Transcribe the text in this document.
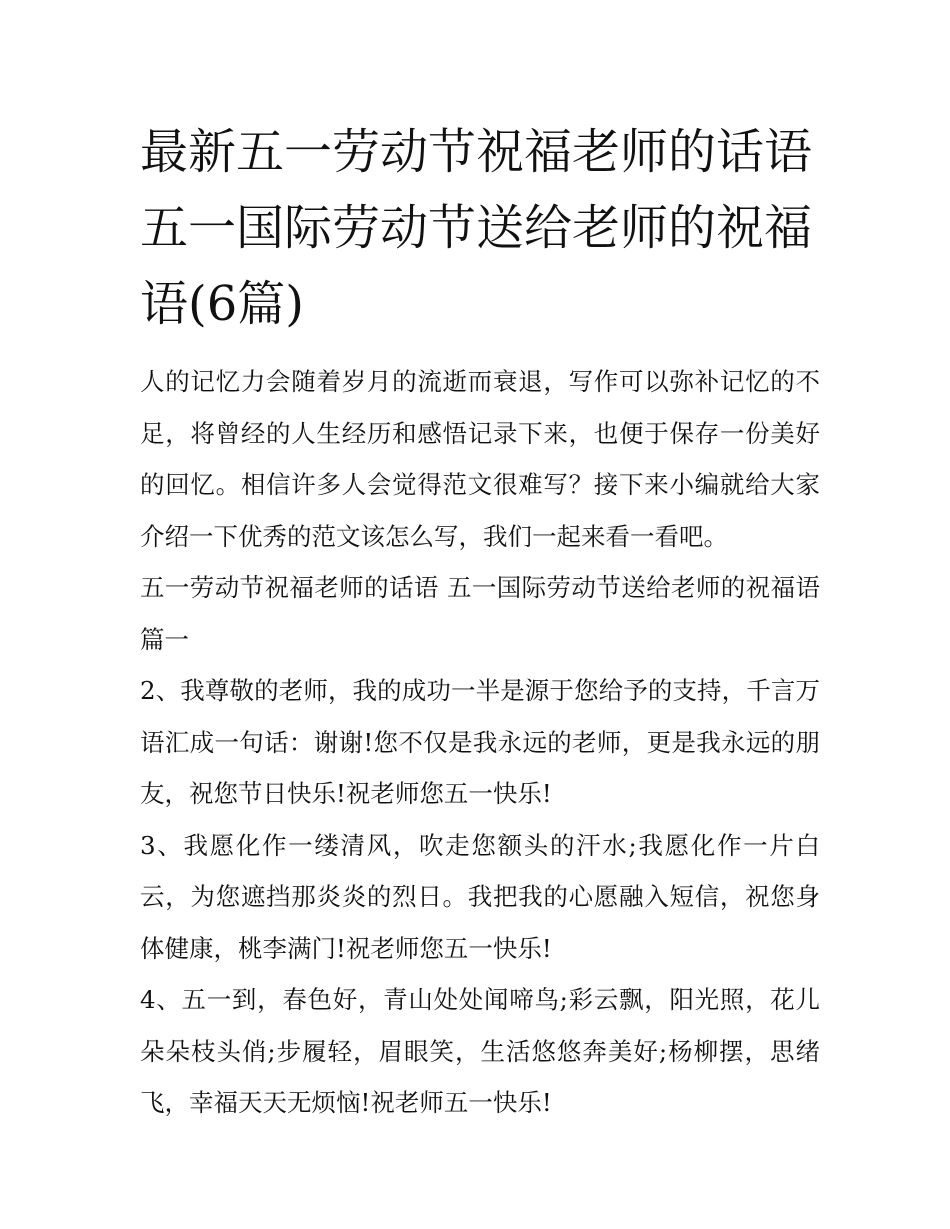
最新五一劳动节祝福老师的话语 五一国际劳动节送给老师的祝福语(6篇)

人的记忆力会随着岁月的流逝而衰退，写作可以弥补记忆的不足，将曾经的人生经历和感悟记录下来，也便于保存一份美好的回忆。相信许多人会觉得范文很难写？接下来小编就给大家介绍一下优秀的范文该怎么写，我们一起来看一看吧。

五一劳动节祝福老师的话语 五一国际劳动节送给老师的祝福语篇一

2、我尊敬的老师，我的成功一半是源于您给予的支持，千言万语汇成一句话：谢谢!您不仅是我永远的老师，更是我永远的朋友，祝您节日快乐!祝老师您五一快乐!

3、我愿化作一缕清风，吹走您额头的汗水;我愿化作一片白云，为您遮挡那炎炎的烈日。我把我的心愿融入短信，祝您身体健康，桃李满门!祝老师您五一快乐!

4、五一到，春色好，青山处处闻啼鸟;彩云飘，阳光照，花儿朵朵枝头俏;步履轻，眉眼笑，生活悠悠奔美好;杨柳摆，思绪飞，幸福天天无烦恼!祝老师五一快乐!
